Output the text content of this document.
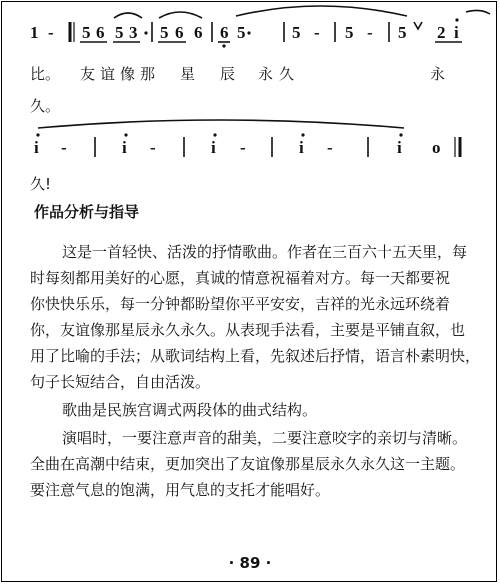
1 - 5 6 5 3 5 6 6 6 5	5 - 5 - 5 2 i
i -	i -	i -	i -	i o
比。 友谊像那 星 辰 永久	永
久。
久!
作品分析与指导
这是一首轻快、活泼的抒情歌曲。作者在三百六十五天里，每
时每刻都用美好的心愿，真诚的情意祝福着对方。每一天都要祝
你快快乐乐，每一分钟都盼望你平平安安，吉祥的光永远环绕着
你，友谊像那星辰永久永久。从表现手法看，主要是平铺直叙，也
用了比喻的手法；从歌词结构上看，先叙述后抒情，语言朴素明快，
句子长短结合，自由活泼。
歌曲是民族宫调式两段体的曲式结构。
演唱时，一要注意声音的甜美，二要注意咬字的亲切与清晰。
全曲在高潮中结束，更加突出了友谊像那星辰永久永久这一主题。
要注意气息的饱满，用气息的支托才能唱好。
· 89 ·
